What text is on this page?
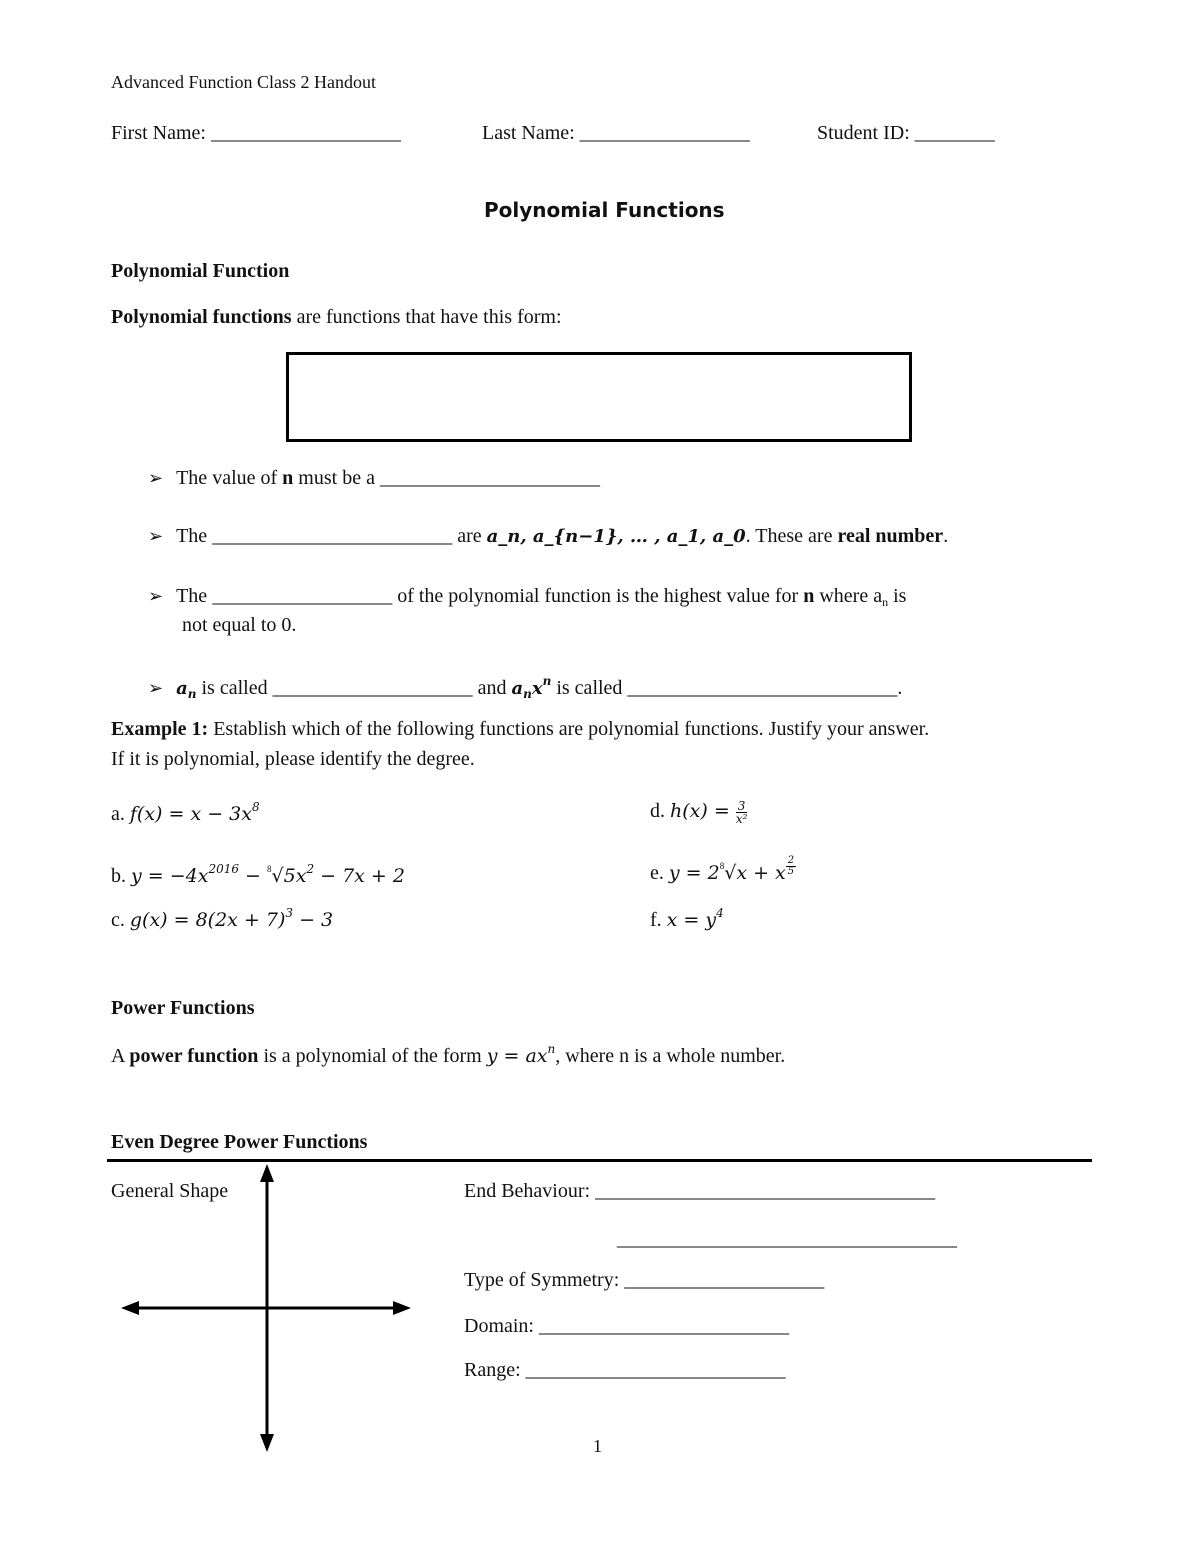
Advanced Function Class 2 Handout
First Name: ___________________	Last Name: _________________	Student ID: ________
Polynomial Functions
Polynomial Function
Polynomial functions are functions that have this form:
➢ The value of n must be a ______________________
➢ The ________________________ are a_n, a_{n−1}, … , a_1, a_0. These are real number.
➢ The __________________ of the polynomial function is the highest value for n where $a_n$ is
not equal to 0.
➢ $a_n$ is called ____________________ and $a_nx^n$ is called ___________________________.
Example 1: Establish which of the following functions are polynomial functions. Justify your answer.
If it is polynomial, please identify the degree.
a. $f(x) = x - 3x^8$	d. $h(x) = \frac{3}{\text{x²}}$
b. $y = -4x^{2016} - ^8√5x^2 - 7x + 2$	e. $y = 2^8√x + x \frac{2}{5}$
c. $g(x) = 8(2x + 7)^3 - 3$	f. $x = y^4$
Power Functions
A power function is a polynomial of the form $y = ax^n$, where n is a whole number.
Even Degree Power Functions
General Shape	End Behaviour: __________________________________
__________________________________
Type of Symmetry: ____________________
Domain: _________________________
Range: __________________________
1
